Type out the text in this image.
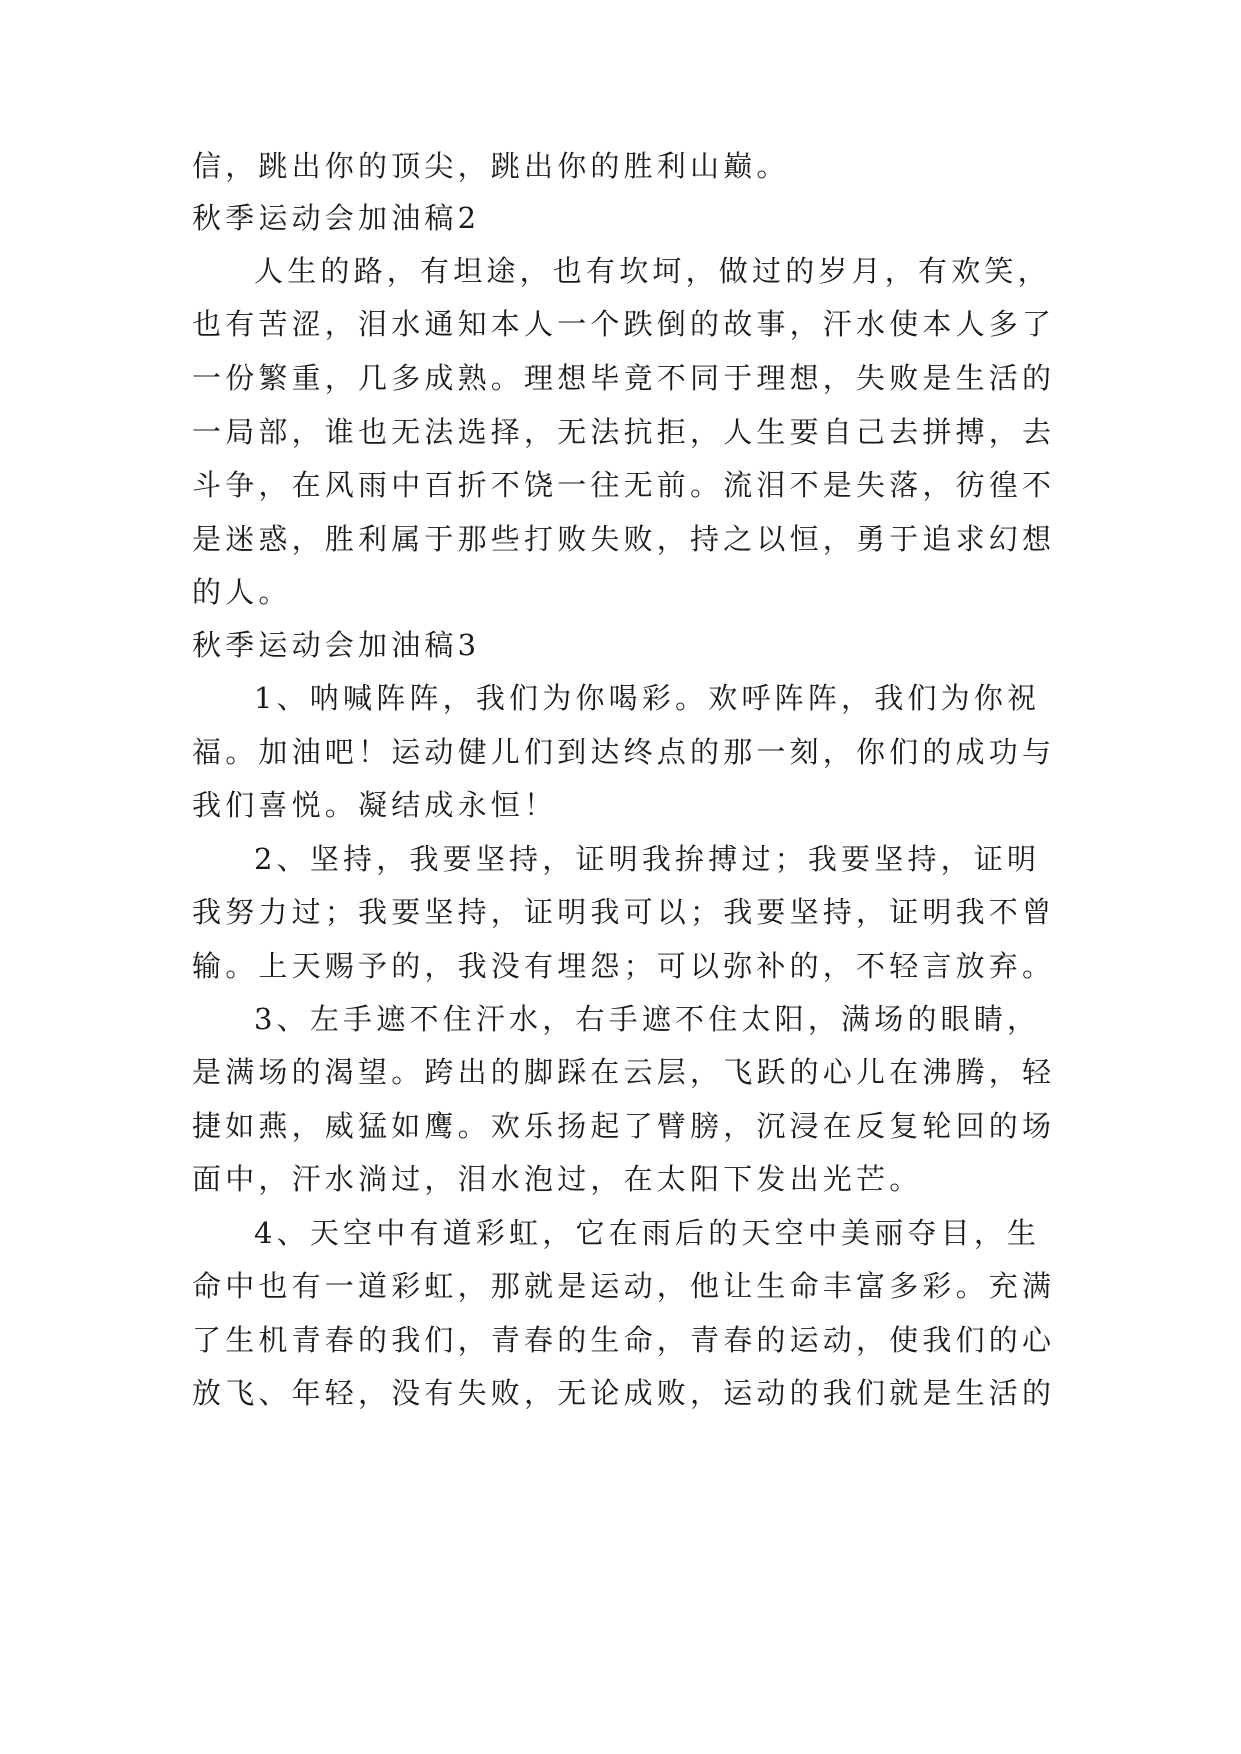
信，跳出你的顶尖，跳出你的胜利山巅。

秋季运动会加油稿2

人生的路，有坦途，也有坎坷，做过的岁月，有欢笑，

也有苦涩，泪水通知本人一个跌倒的故事，汗水使本人多了

一份繁重，几多成熟。理想毕竟不同于理想，失败是生活的

一局部，谁也无法选择，无法抗拒，人生要自己去拼搏，去

斗争，在风雨中百折不饶一往无前。流泪不是失落，彷徨不

是迷惑，胜利属于那些打败失败，持之以恒，勇于追求幻想

的人。

秋季运动会加油稿3

1、呐喊阵阵，我们为你喝彩。欢呼阵阵，我们为你祝

福。加油吧！运动健儿们到达终点的那一刻，你们的成功与

我们喜悦。凝结成永恒！

2、坚持，我要坚持，证明我拚搏过；我要坚持，证明

我努力过；我要坚持，证明我可以；我要坚持，证明我不曾

输。上天赐予的，我没有埋怨；可以弥补的，不轻言放弃。

3、左手遮不住汗水，右手遮不住太阳，满场的眼睛，

是满场的渴望。跨出的脚踩在云层，飞跃的心儿在沸腾，轻

捷如燕，威猛如鹰。欢乐扬起了臂膀，沉浸在反复轮回的场

面中，汗水淌过，泪水泡过，在太阳下发出光芒。

4、天空中有道彩虹，它在雨后的天空中美丽夺目，生

命中也有一道彩虹，那就是运动，他让生命丰富多彩。充满

了生机青春的我们，青春的生命，青春的运动，使我们的心

放飞、年轻，没有失败，无论成败，运动的我们就是生活的
